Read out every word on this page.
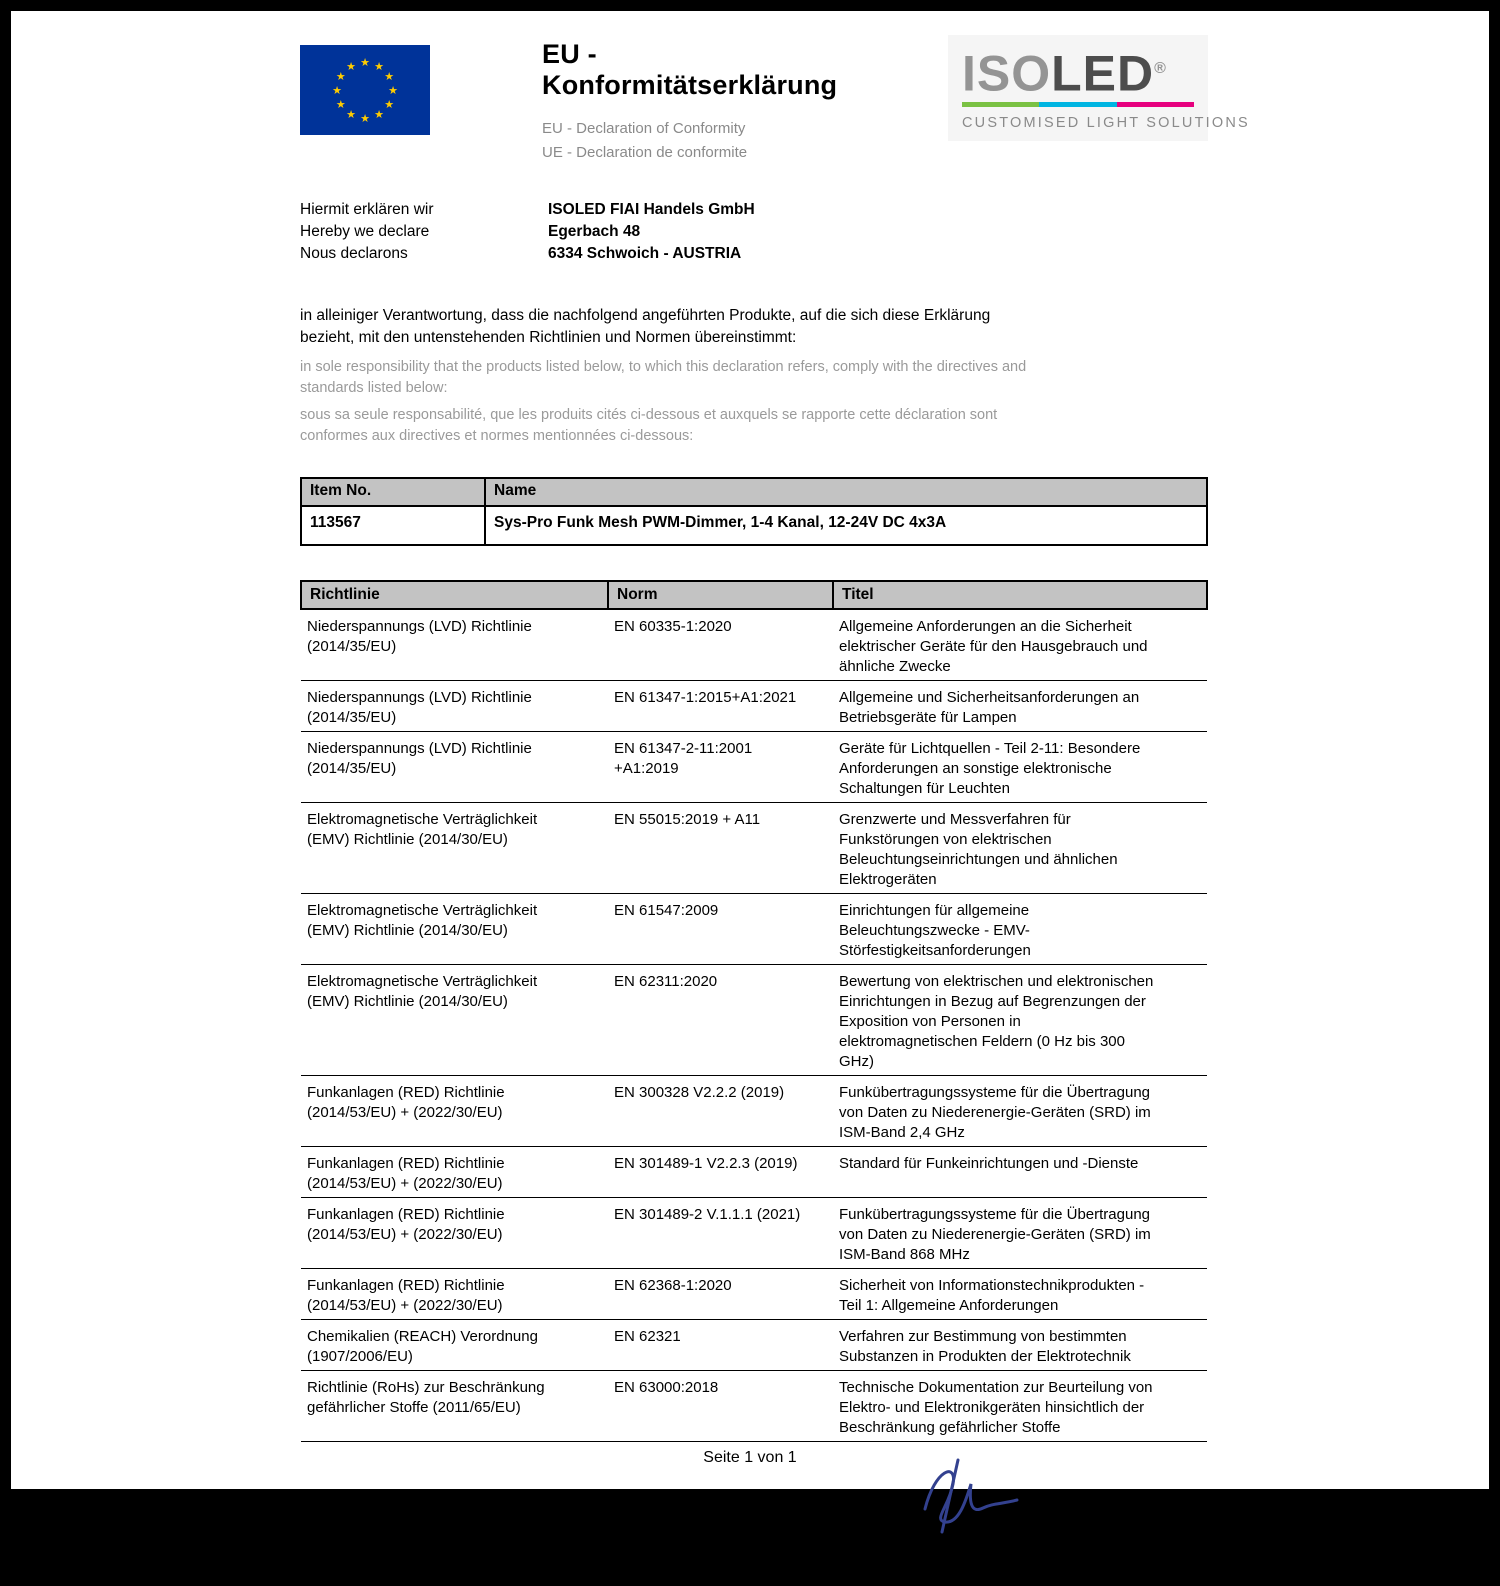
★ ★
★
★
★
★
★
★
★
★
★
★	EU - Konformitätserklärung
EU - Declaration of Conformity
UE - Declaration de conformite
ISOLED®
CUSTOMISED LIGHT SOLUTIONS
Hiermit erklären wir
Hereby we declare
Nous declarons
ISOLED FIAI Handels GmbH
Egerbach 48
6334 Schwoich - AUSTRIA

in alleiniger Verantwortung, dass die nachfolgend angeführten Produkte, auf die sich diese Erklärung bezieht, mit den untenstehenden Richtlinien und Normen übereinstimmt:

in sole responsibility that the products listed below, to which this declaration refers, comply with the directives and standards listed below:

sous sa seule responsabilité, que les produits cités ci-dessous et auxquels se rapporte cette déclaration sont conformes aux directives et normes mentionnées ci-dessous:

Item No.	Name
113567	Sys-Pro Funk Mesh PWM-Dimmer, 1-4 Kanal, 12-24V DC 4x3A
Richtlinie	Norm	Titel
Niederspannungs (LVD) Richtlinie (2014/35/EU)	EN 60335-1:2020	Allgemeine Anforderungen an die Sicherheit elektrischer Geräte für den Hausgebrauch und ähnliche Zwecke
Niederspannungs (LVD) Richtlinie (2014/35/EU)	EN 61347-1:2015+A1:2021	Allgemeine und Sicherheitsanforderungen an Betriebsgeräte für Lampen
Niederspannungs (LVD) Richtlinie (2014/35/EU)	EN 61347-2-11:2001 +A1:2019	Geräte für Lichtquellen - Teil 2-11: Besondere Anforderungen an sonstige elektronische Schaltungen für Leuchten
Elektromagnetische Verträglichkeit (EMV) Richtlinie (2014/30/EU)	EN 55015:2019 + A11	Grenzwerte und Messverfahren für Funkstörungen von elektrischen Beleuchtungseinrichtungen und ähnlichen Elektrogeräten
Elektromagnetische Verträglichkeit (EMV) Richtlinie (2014/30/EU)	EN 61547:2009	Einrichtungen für allgemeine Beleuchtungszwecke - EMV-Störfestigkeitsanforderungen
Elektromagnetische Verträglichkeit (EMV) Richtlinie (2014/30/EU)	EN 62311:2020	Bewertung von elektrischen und elektronischen Einrichtungen in Bezug auf Begrenzungen der Exposition von Personen in elektromagnetischen Feldern (0 Hz bis 300 GHz)
Funkanlagen (RED) Richtlinie (2014/53/EU) + (2022/30/EU)	EN 300328 V2.2.2 (2019)	Funkübertragungssysteme für die Übertragung von Daten zu Niederenergie-Geräten (SRD) im ISM-Band 2,4 GHz
Funkanlagen (RED) Richtlinie (2014/53/EU) + (2022/30/EU)	EN 301489-1 V2.2.3 (2019)	Standard für Funkeinrichtungen und -Dienste
Funkanlagen (RED) Richtlinie (2014/53/EU) + (2022/30/EU)	EN 301489-2 V.1.1.1 (2021)	Funkübertragungssysteme für die Übertragung von Daten zu Niederenergie-Geräten (SRD) im ISM-Band 868 MHz
Funkanlagen (RED) Richtlinie (2014/53/EU) + (2022/30/EU)	EN 62368-1:2020	Sicherheit von Informationstechnikprodukten - Teil 1: Allgemeine Anforderungen
Chemikalien (REACH) Verordnung (1907/2006/EU)	EN 62321	Verfahren zur Bestimmung von bestimmten Substanzen in Produkten der Elektrotechnik
Richtlinie (RoHs) zur Beschränkung gefährlicher Stoffe (2011/65/EU)	EN 63000:2018	Technische Dokumentation zur Beurteilung von Elektro- und Elektronikgeräten hinsichtlich der Beschränkung gefährlicher Stoffe
Ing. Hacadur Otyan
Schwoich, 25.08.2025
Seite 1 von 1
